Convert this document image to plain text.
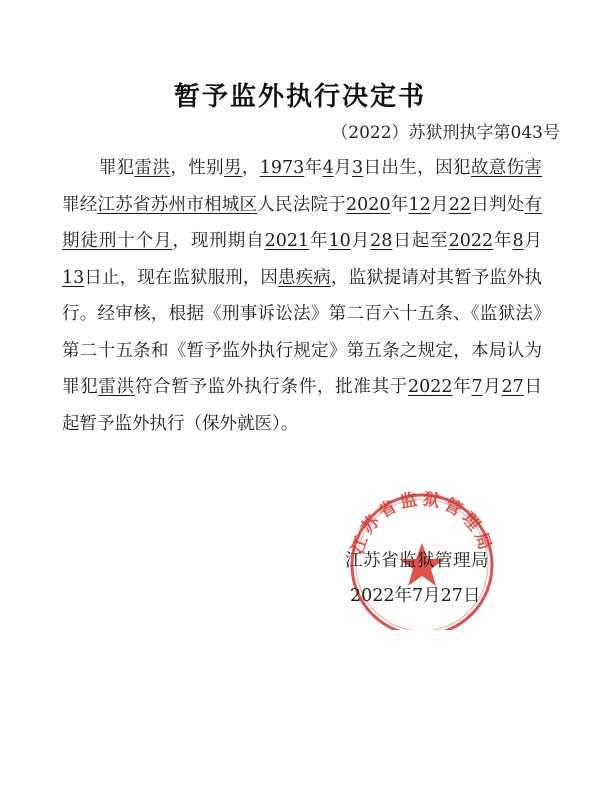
暂予监外执行决定书
（2022）苏狱刑执字第043号
罪犯雷洪，性别男，1973年4月3日出生，因犯故意伤害罪经江苏省苏州市相城区人民法院于2020年12月22日判处有期徒刑十个月，现刑期自2021年10月28日起至2022年8月13日止，现在监狱服刑，因患疾病，监狱提请对其暂予监外执行。经审核，根据《刑事诉讼法》第二百六十五条、《监狱法》第二十五条和《暂予监外执行规定》第五条之规定，本局认为罪犯雷洪符合暂予监外执行条件，批准其于2022年7月27日起暂予监外执行（保外就医）。
江苏省监狱管理局
江苏省监狱管理局
2022年7月27日
